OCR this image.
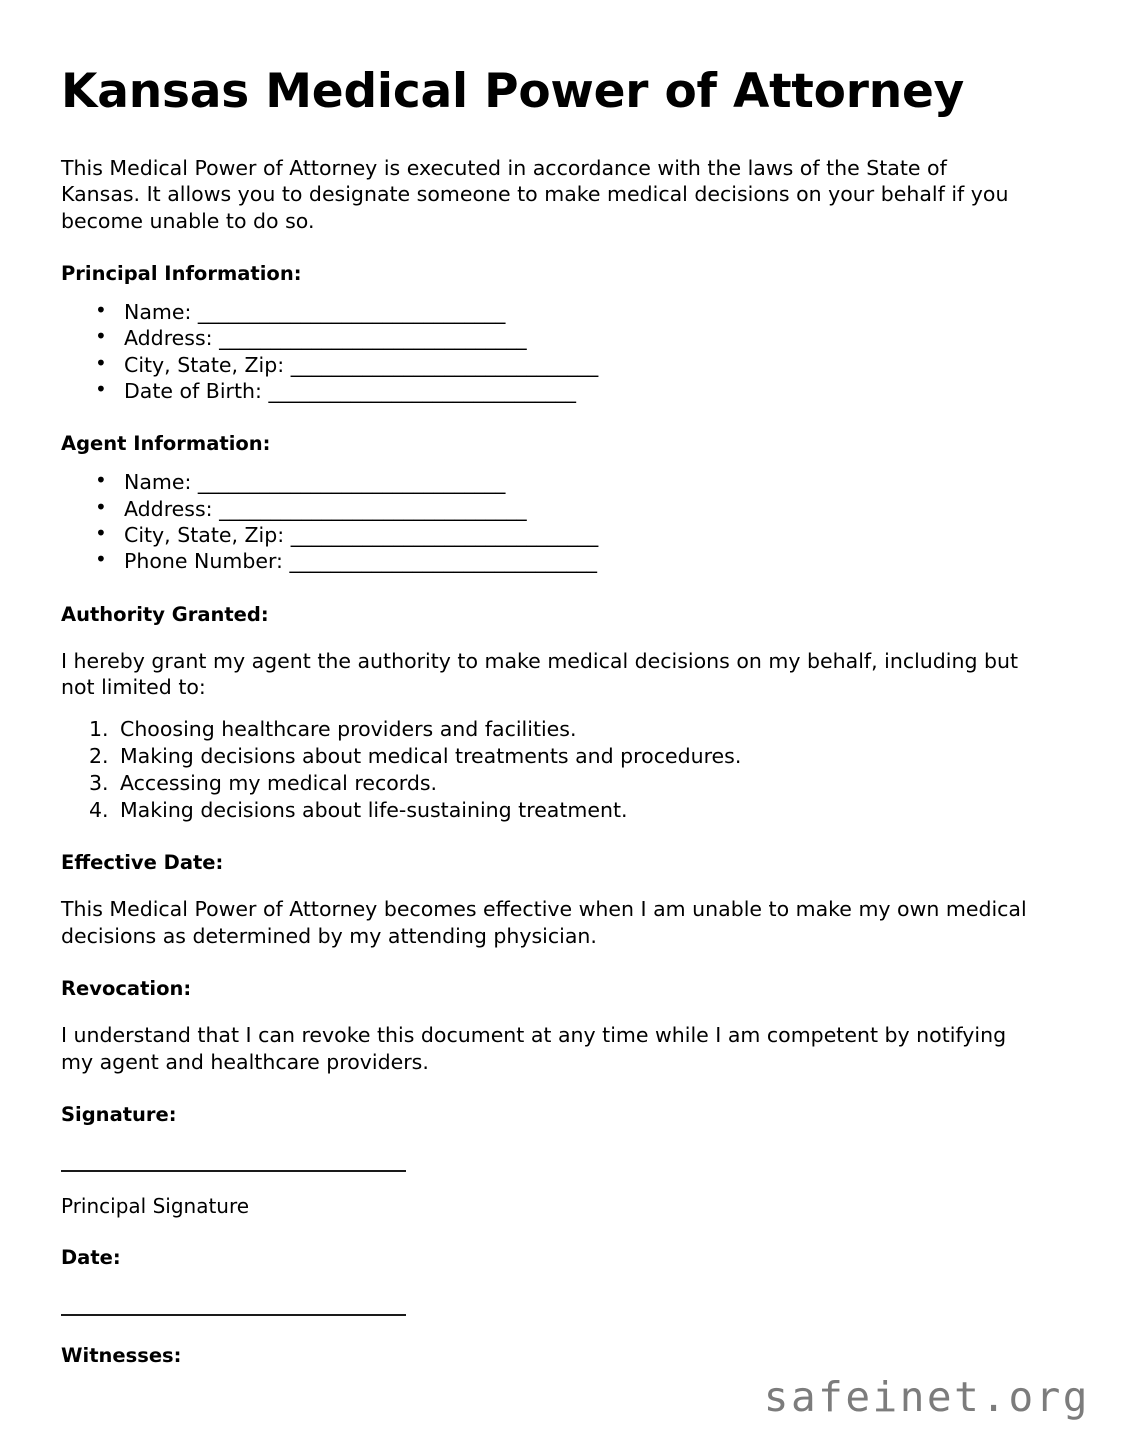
Kansas Medical Power of Attorney

This Medical Power of Attorney is executed in accordance with the laws of the State of Kansas. It allows you to designate someone to make medical decisions on your behalf if you become unable to do so.

Principal Information:
• Name: ______________________________
• Address: ______________________________
• City, State, Zip: ______________________________
• Date of Birth: ______________________________
Agent Information:
• Name: ______________________________
• Address: ______________________________
• City, State, Zip: ______________________________
• Phone Number: ______________________________
Authority Granted:

I hereby grant my agent the authority to make medical decisions on my behalf, including but not limited to:

Choosing healthcare providers and facilities.
Making decisions about medical treatments and procedures.
Accessing my medical records.
Making decisions about life-sustaining treatment.
Effective Date:

This Medical Power of Attorney becomes effective when I am unable to make my own medical decisions as determined by my attending physician.

Revocation:

I understand that I can revoke this document at any time while I am competent by notifying my agent and healthcare providers.

Signature:

Principal Signature

Date:
Witnesses:
safeinet.org
